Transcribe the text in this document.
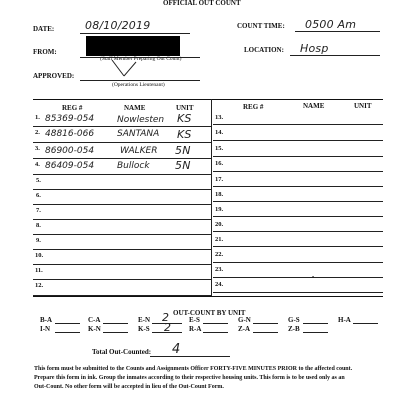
OFFICIAL OUT COUNT
DATE:	08/10/2019	COUNT TIME: 0500 Am
FROM:
(Staff Member Preparing Out Count)
LOCATION: Hosp
APPROVED:
(Operations Lieutenant)
REG #	NAME	UNIT	REG #	NAME	UNIT
1. 85369-054	Nowlesten KS
2. 48816-066	SANTANA KS
3. 86900-054	WALKER 5N
4. 86409-054	Bullock 5N
5.
6.
7.
8.
9.
10.
11.
12.
13.
14.
15.
16.
17.
18.
19.
20.
21.
22.
23.
24.
•
OUT-COUNT BY UNIT
B-A	C-A	E-N 2	E-S	G-N	G-S	H-A
I-N	K-N	K-S 2	R-A	Z-A	Z-B
Total Out-Counted: 4
This form must be submitted to the Counts and Assignments Officer FORTY-FIVE MINUTES PRIOR to the affected count.
Prepare this form in ink. Group the inmates according to their respective housing units. This form is to be used only as an
Out-Count. No other form will be accepted in lieu of the Out-Count Form.
